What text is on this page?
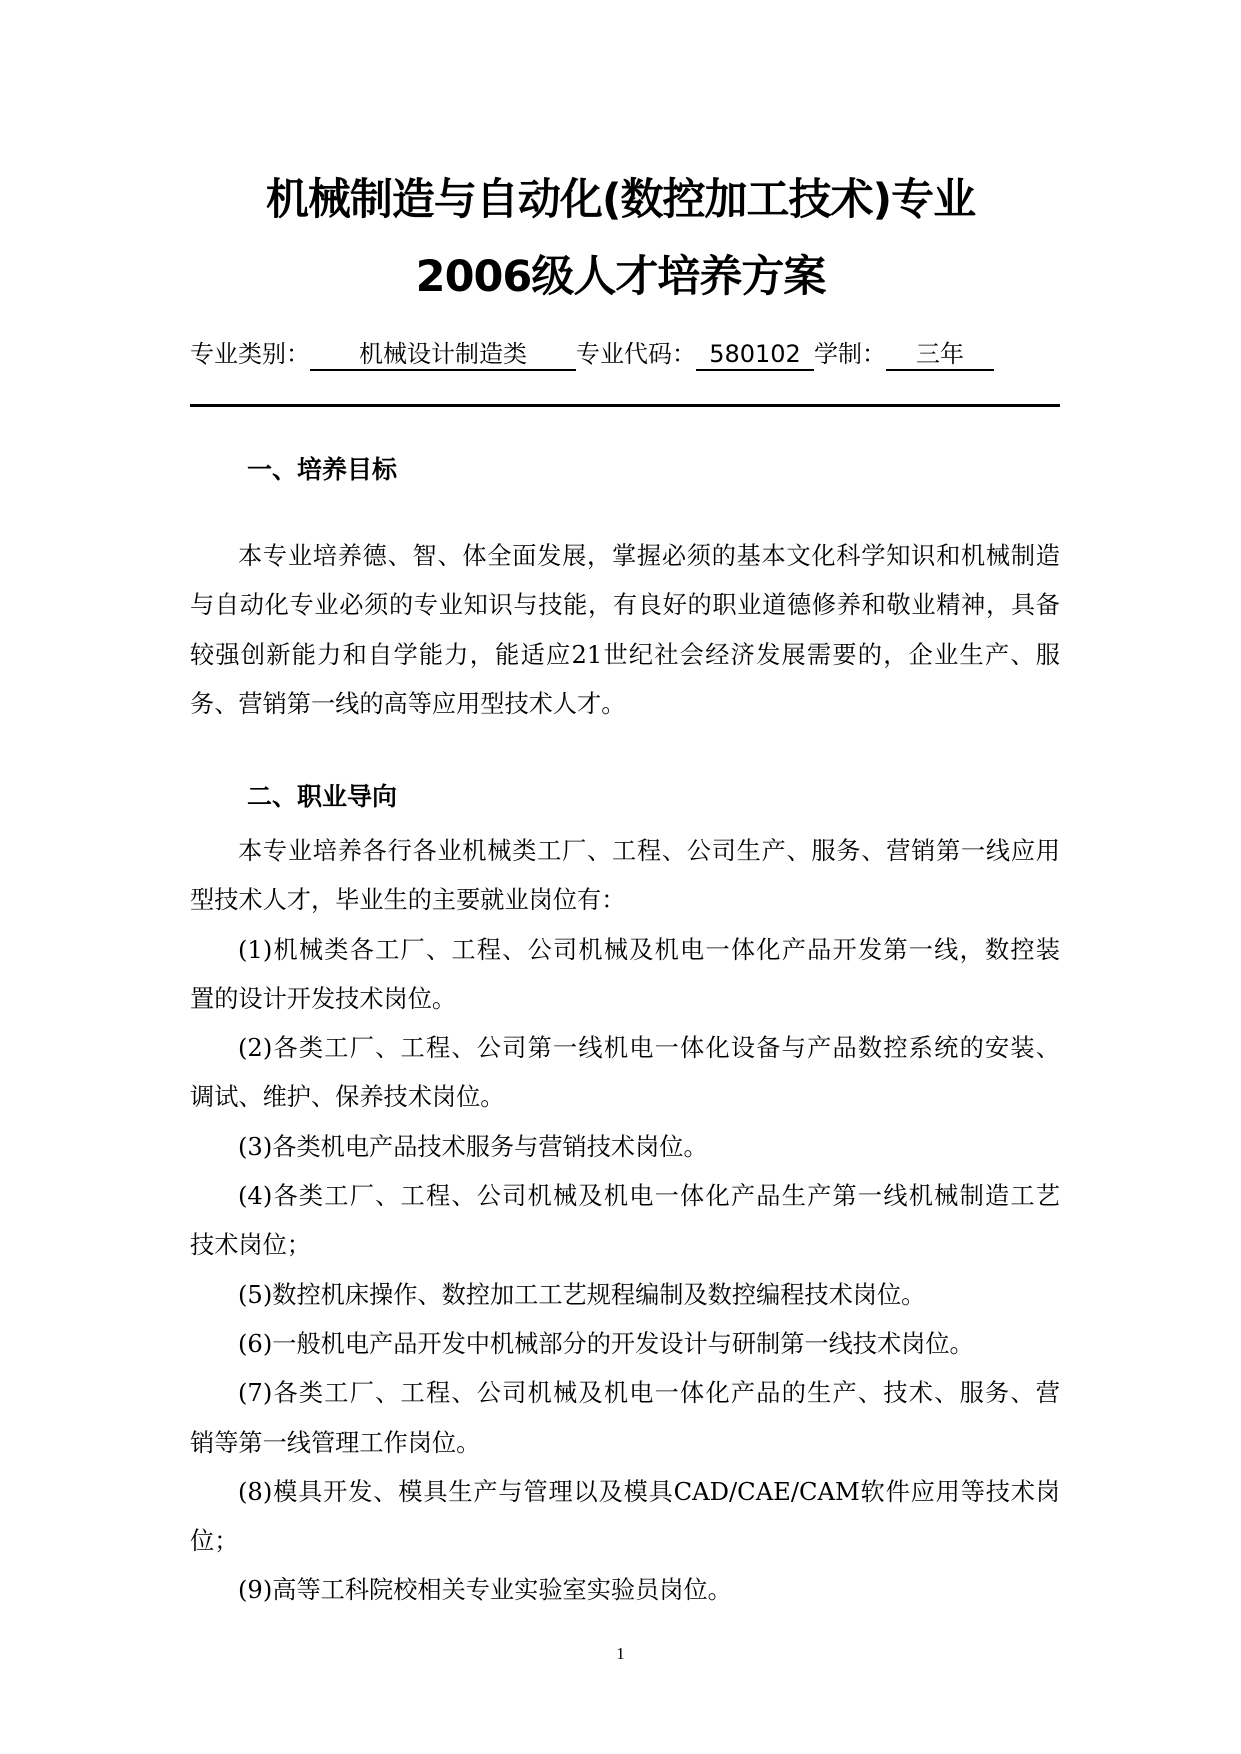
机械制造与自动化(数控加工技术)专业
2006级人才培养方案
专业类别： 机械设计制造类 专业代码： 580102 学制： 三年
一、培养目标
本专业培养德、智、体全面发展，掌握必须的基本文化科学知识和机械制造
与自动化专业必须的专业知识与技能，有良好的职业道德修养和敬业精神，具备
较强创新能力和自学能力，能适应21世纪社会经济发展需要的，企业生产、服
务、营销第一线的高等应用型技术人才。
二、职业导向
本专业培养各行各业机械类工厂、工程、公司生产、服务、营销第一线应用
型技术人才，毕业生的主要就业岗位有：
(1)机械类各工厂、工程、公司机械及机电一体化产品开发第一线，数控装
置的设计开发技术岗位。
(2)各类工厂、工程、公司第一线机电一体化设备与产品数控系统的安装、
调试、维护、保养技术岗位。
(3)各类机电产品技术服务与营销技术岗位。
(4)各类工厂、工程、公司机械及机电一体化产品生产第一线机械制造工艺
技术岗位；
(5)数控机床操作、数控加工工艺规程编制及数控编程技术岗位。
(6)一般机电产品开发中机械部分的开发设计与研制第一线技术岗位。
(7)各类工厂、工程、公司机械及机电一体化产品的生产、技术、服务、营
销等第一线管理工作岗位。
(8)模具开发、模具生产与管理以及模具CAD/CAE/CAM软件应用等技术岗
位；
(9)高等工科院校相关专业实验室实验员岗位。
1
